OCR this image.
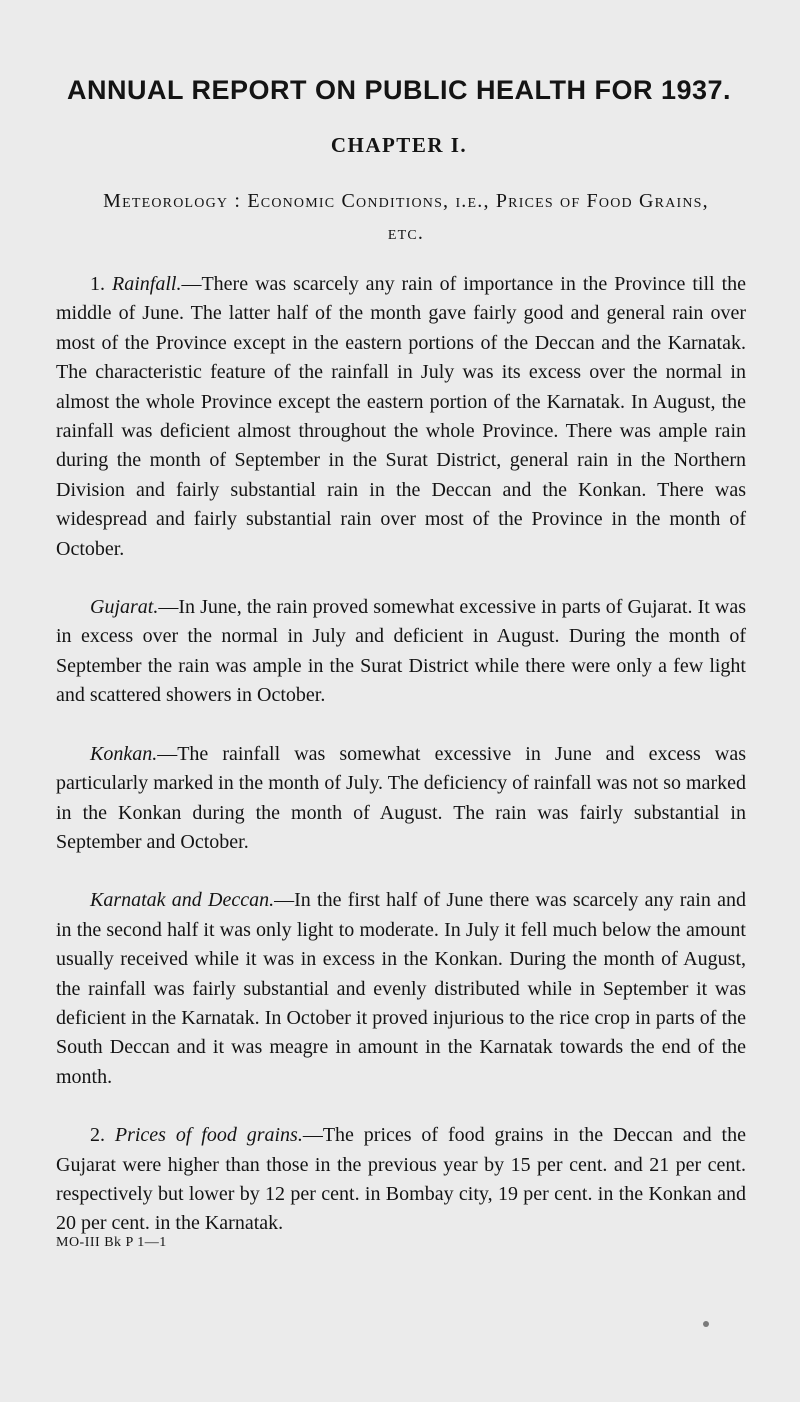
ANNUAL REPORT ON PUBLIC HEALTH FOR 1937.
CHAPTER I.

Meteorology : Economic Conditions, i.e., Prices of Food Grains, etc.

1. Rainfall.—There was scarcely any rain of importance in the Province till the middle of June. The latter half of the month gave fairly good and general rain over most of the Province except in the eastern portions of the Deccan and the Karnatak. The characteristic feature of the rainfall in July was its excess over the normal in almost the whole Province except the eastern portion of the Karnatak. In August, the rainfall was deficient almost throughout the whole Province. There was ample rain during the month of September in the Surat District, general rain in the Northern Division and fairly substantial rain in the Deccan and the Konkan. There was widespread and fairly substantial rain over most of the Province in the month of October.

Gujarat.—In June, the rain proved somewhat excessive in parts of Gujarat. It was in excess over the normal in July and deficient in August. During the month of September the rain was ample in the Surat District while there were only a few light and scattered showers in October.

Konkan.—The rainfall was somewhat excessive in June and excess was particularly marked in the month of July. The deficiency of rainfall was not so marked in the Konkan during the month of August. The rain was fairly substantial in September and October.

Karnatak and Deccan.—In the first half of June there was scarcely any rain and in the second half it was only light to moderate. In July it fell much below the amount usually received while it was in excess in the Konkan. During the month of August, the rainfall was fairly substantial and evenly distributed while in September it was deficient in the Karnatak. In October it proved injurious to the rice crop in parts of the South Deccan and it was meagre in amount in the Karnatak towards the end of the month.

2. Prices of food grains.—The prices of food grains in the Deccan and the Gujarat were higher than those in the previous year by 15 per cent. and 21 per cent. respectively but lower by 12 per cent. in Bombay city, 19 per cent. in the Konkan and 20 per cent. in the Karnatak.

MO-III Bk P 1—1
